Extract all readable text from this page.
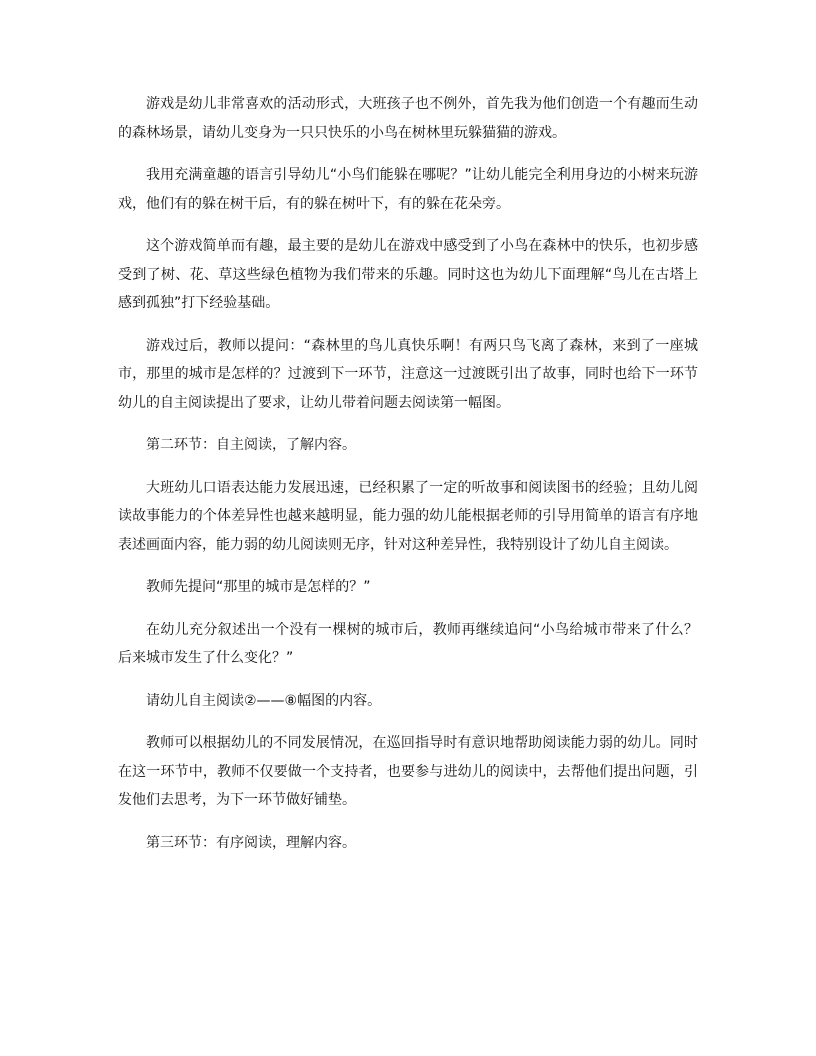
游戏是幼儿非常喜欢的活动形式，大班孩子也不例外，首先我为他们创造一个有趣而生动的森林场景，请幼儿变身为一只只快乐的小鸟在树林里玩躲猫猫的游戏。

我用充满童趣的语言引导幼儿“小鸟们能躲在哪呢？”让幼儿能完全利用身边的小树来玩游戏，他们有的躲在树干后，有的躲在树叶下，有的躲在花朵旁。

这个游戏简单而有趣，最主要的是幼儿在游戏中感受到了小鸟在森林中的快乐，也初步感受到了树、花、草这些绿色植物为我们带来的乐趣。同时这也为幼儿下面理解“鸟儿在古塔上感到孤独”打下经验基础。

游戏过后，教师以提问：“森林里的鸟儿真快乐啊！有两只鸟飞离了森林，来到了一座城市，那里的城市是怎样的？过渡到下一环节，注意这一过渡既引出了故事，同时也给下一环节幼儿的自主阅读提出了要求，让幼儿带着问题去阅读第一幅图。

第二环节：自主阅读，了解内容。

大班幼儿口语表达能力发展迅速，已经积累了一定的听故事和阅读图书的经验；且幼儿阅读故事能力的个体差异性也越来越明显，能力强的幼儿能根据老师的引导用简单的语言有序地表述画面内容，能力弱的幼儿阅读则无序，针对这种差异性，我特别设计了幼儿自主阅读。

教师先提问“那里的城市是怎样的？”

在幼儿充分叙述出一个没有一棵树的城市后，教师再继续追问“小鸟给城市带来了什么？后来城市发生了什么变化？”

请幼儿自主阅读②——⑧幅图的内容。

教师可以根据幼儿的不同发展情况，在巡回指导时有意识地帮助阅读能力弱的幼儿。同时在这一环节中，教师不仅要做一个支持者，也要参与进幼儿的阅读中，去帮他们提出问题，引发他们去思考，为下一环节做好铺垫。

第三环节：有序阅读，理解内容。
